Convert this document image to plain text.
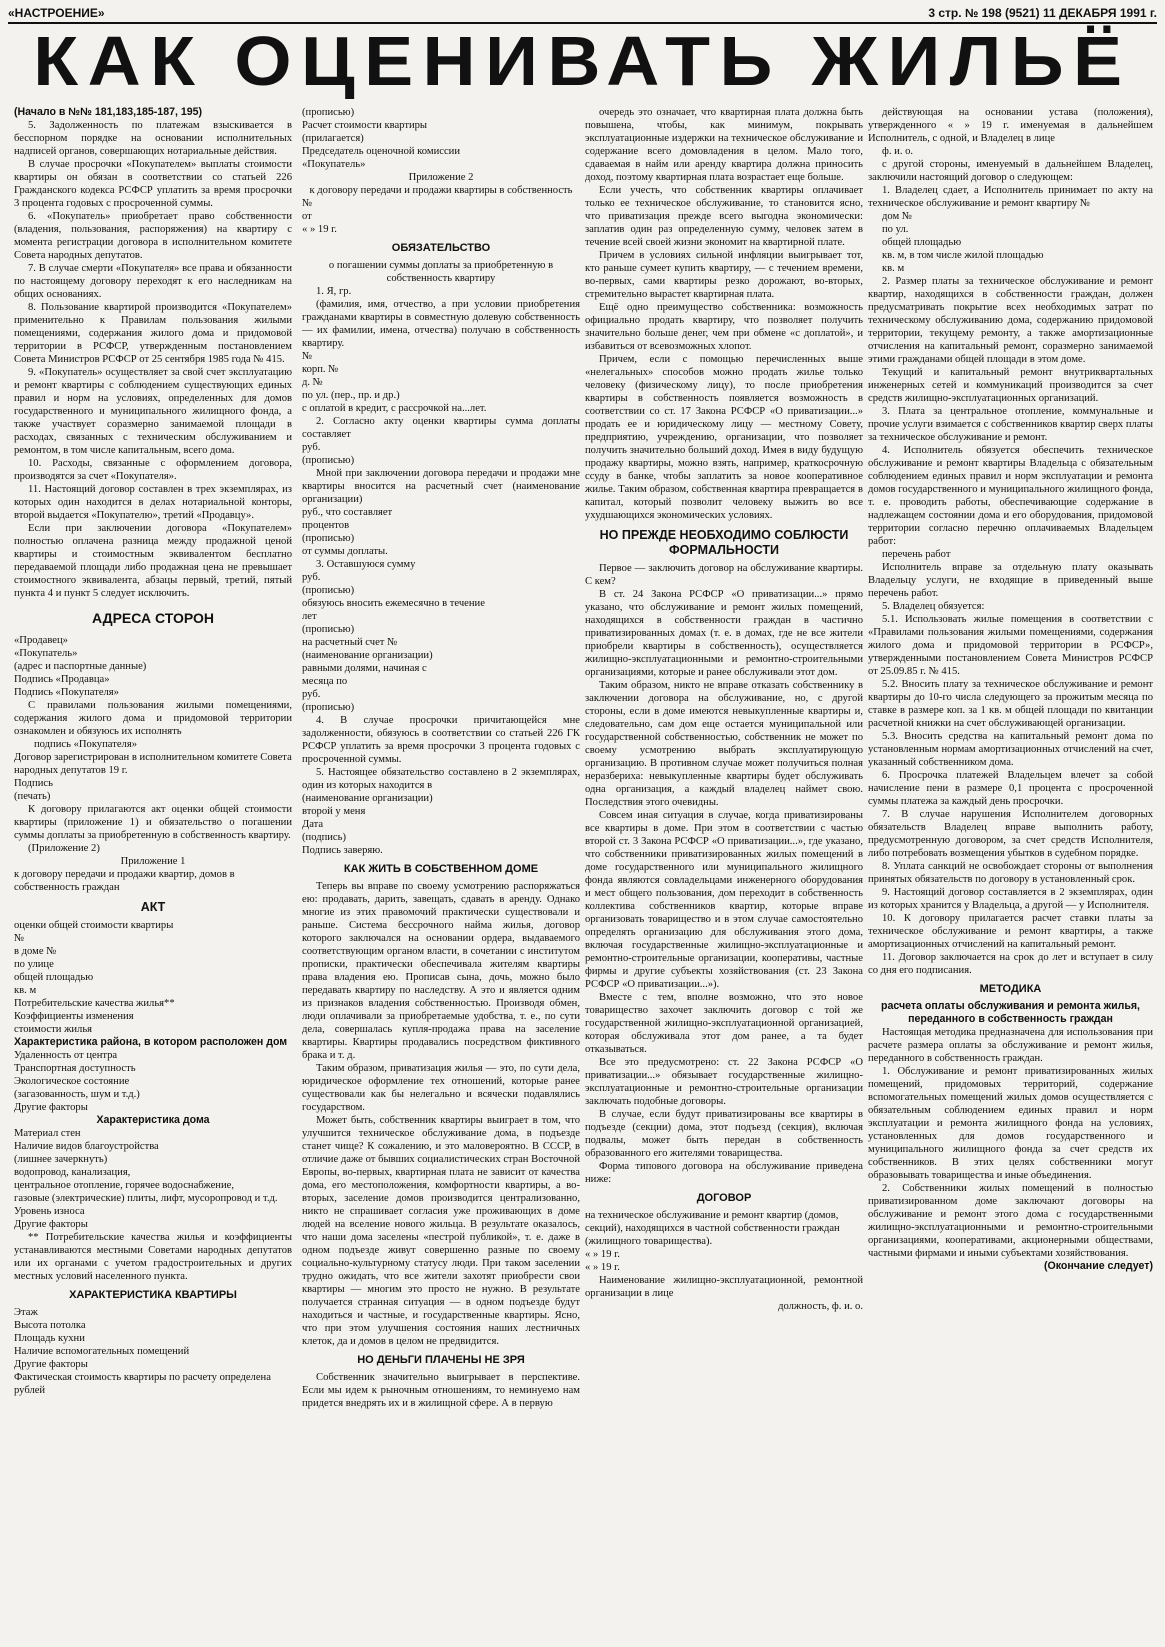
«НАСТРОЕНИЕ»	3 стр. № 198 (9521) 11 ДЕКАБРЯ 1991 г.
КАК ОЦЕНИВАТЬ ЖИЛЬЁ

(Начало в №№ 181,183,185-187, 195)

5. Задолженность по платежам взыскивается в бесспорном порядке на основании исполнительных надписей органов, совершающих нотариальные действия.

В случае просрочки «Покупателем» выплаты стоимости квартиры он обязан в соответствии со статьей 226 Гражданского кодекса РСФСР уплатить за время просрочки 3 процента годовых с просроченной суммы.

6. «Покупатель» приобретает право собственности (владения, пользования, распоряжения) на квартиру с момента регистрации договора в исполнительном комитете Совета народных депутатов.

7. В случае смерти «Покупателя» все права и обязанности по настоящему договору переходят к его наследникам на общих основаниях.

8. Пользование квартирой производится «Покупателем» применительно к Правилам пользования жилыми помещениями, содержания жилого дома и придомовой территории в РСФСР, утвержденным постановлением Совета Министров РСФСР от 25 сентября 1985 года № 415.

9. «Покупатель» осуществляет за свой счет эксплуатацию и ремонт квартиры с соблюдением существующих единых правил и норм на условиях, определенных для домов государственного и муниципального жилищного фонда, а также участвует соразмерно занимаемой площади в расходах, связанных с техническим обслуживанием и ремонтом, в том числе капитальным, всего дома.

10. Расходы, связанные с оформлением договора, производятся за счет «Покупателя».

11. Настоящий договор составлен в трех экземплярах, из которых один находится в делах нотариальной конторы, второй выдается «Покупателю», третий «Продавцу».

Если при заключении договора «Покупателем» полностью оплачена разница между продажной ценой квартиры и стоимостным эквивалентом бесплатно передаваемой площади либо продажная цена не превышает стоимостного эквивалента, абзацы первый, третий, пятый пункта 4 и пункт 5 следует исключить.

АДРЕСА СТОРОН

«Продавец»

«Покупатель»

(адрес и паспортные данные)

Подпись «Продавца»

Подпись «Покупателя»

С правилами пользования жилыми помещениями, содержания жилого дома и придомовой территории ознакомлен и обязуюсь их исполнять

подпись «Покупателя»

Договор зарегистрирован в исполнительном комитете Совета народных депутатов 19 г.

Подпись

(печать)

К договору прилагаются акт оценки общей стоимости квартиры (приложение 1) и обязательство о погашении суммы доплаты за приобретенную в собственность квартиру.

(Приложение 2)

Приложение 1

к договору передачи и продажи квартир, домов в собственность граждан

АКТ

оценки общей стоимости квартиры

№

в доме №

по улице

общей площадью

кв. м

Потребительские качества жилья**

Коэффициенты изменения

стоимости жилья

Характеристика района, в котором расположен дом

Удаленность от центра

Транспортная доступность

Экологическое состояние

(загазованность, шум и т.д.)

Другие факторы

Характеристика дома

Материал стен

Наличие видов благоустройства

(лишнее зачеркнуть)

водопровод, канализация,

центральное отопление, горячее водоснабжение,

газовые (электрические) плиты, лифт, мусоропровод и т.д.

Уровень износа

Другие факторы

** Потребительские качества жилья и коэффициенты устанавливаются местными Советами народных депутатов или их органами с учетом градостроительных и других местных условий населенного пункта.

ХАРАКТЕРИСТИКА КВАРТИРЫ

Этаж

Высота потолка

Площадь кухни

Наличие вспомогательных помещений

Другие факторы

Фактическая стоимость квартиры по расчету определена

рублей

(прописью)

Расчет стоимости квартиры

(прилагается)

Председатель оценочной комиссии

«Покупатель»

Приложение 2

к договору передачи и продажи квартиры в собственность

№

от

« » 19 г.

ОБЯЗАТЕЛЬСТВО

о погашении суммы доплаты за приобретенную в собственность квартиру

1. Я, гр.

(фамилия, имя, отчество, а при условии приобретения гражданами квартиры в совместную долевую собственность — их фамилии, имена, отчества) получаю в собственность квартиру.

№

корп. №

д. №

по ул. (пер., пр. и др.)

с оплатой в кредит, с рассрочкой на...лет.

2. Согласно акту оценки квартиры сумма доплаты составляет

руб.

(прописью)

Мной при заключении договора передачи и продажи мне квартиры вносится на расчетный счет (наименование организации)

руб., что составляет

процентов

(прописью)

от суммы доплаты.

3. Оставшуюся сумму

руб.

(прописью)

обязуюсь вносить ежемесячно в течение

лет

(прописью)

на расчетный счет №

(наименование организации)

равными долями, начиная с

месяца по

руб.

(прописью)

4. В случае просрочки причитающейся мне задолженности, обязуюсь в соответствии со статьей 226 ГК РСФСР уплатить за время просрочки 3 процента годовых с просроченной суммы.

5. Настоящее обязательство составлено в 2 экземплярах, один из которых находится в

(наименование организации)

второй у меня

Дата

(подпись)

Подпись заверяю.

КАК ЖИТЬ В СОБСТВЕННОМ ДОМЕ

Теперь вы вправе по своему усмотрению распоряжаться ею: продавать, дарить, завещать, сдавать в аренду. Однако многие из этих правомочий практически существовали и раньше. Система бессрочного найма жилья, договор которого заключался на основании ордера, выдаваемого соответствующим органом власти, в сочетании с институтом прописки, практически обеспечивала жителям квартиры права владения ею. Прописав сына, дочь, можно было передавать квартиру по наследству. А это и является одним из признаков владения собственностью. Производя обмен, люди оплачивали за приобретаемые удобства, т. е., по сути дела, совершалась купля-продажа права на заселение квартиры. Квартиры продавались посредством фиктивного брака и т. д.

Таким образом, приватизация жилья — это, по сути дела, юридическое оформление тех отношений, которые ранее существовали как бы нелегально и всячески подавлялись государством.

Может быть, собственник квартиры выиграет в том, что улучшится техническое обслуживание дома, в подъезде станет чище? К сожалению, и это маловероятно. В СССР, в отличие даже от бывших социалистических стран Восточной Европы, во-первых, квартирная плата не зависит от качества дома, его местоположения, комфортности квартиры, а во-вторых, заселение домов производится централизованно, никто не спрашивает согласия уже проживающих в доме людей на вселение нового жильца. В результате оказалось, что наши дома заселены «пестрой публикой», т. е. даже в одном подъезде живут совершенно разные по своему социально-культурному статусу люди. При таком заселении трудно ожидать, что все жители захотят приобрести свои квартиры — многим это просто не нужно. В результате получается странная ситуация — в одном подъезде будут находиться и частные, и государственные квартиры. Ясно, что при этом улучшения состояния наших лестничных клеток, да и домов в целом не предвидится.

НО ДЕНЬГИ ПЛАЧЕНЫ НЕ ЗРЯ

Собственник значительно выигрывает в перспективе. Если мы идем к рыночным отношениям, то неминуемо нам придется внедрять их и в жилищной сфере. А в первую

очередь это означает, что квартирная плата должна быть повышена, чтобы, как минимум, покрывать эксплуатационные издержки на техническое обслуживание и содержание всего домовладения в целом. Мало того, сдаваемая в найм или аренду квартира должна приносить доход, поэтому квартирная плата возрастает еще больше.

Если учесть, что собственник квартиры оплачивает только ее техническое обслуживание, то становится ясно, что приватизация прежде всего выгодна экономически: заплатив один раз определенную сумму, человек затем в течение всей своей жизни экономит на квартирной плате.

Причем в условиях сильной инфляции выигрывает тот, кто раньше сумеет купить квартиру, — с течением времени, во-первых, сами квартиры резко дорожают, во-вторых, стремительно вырастет квартирная плата.

Ещё одно преимущество собственника: возможность официально продать квартиру, что позволяет получить значительно больше денег, чем при обмене «с доплатой», и избавиться от всевозможных хлопот.

Причем, если с помощью перечисленных выше «нелегальных» способов можно продать жилье только человеку (физическому лицу), то после приобретения квартиры в собственность появляется возможность в соответствии со ст. 17 Закона РСФСР «О приватизации...» продать ее и юридическому лицу — местному Совету, предприятию, учреждению, организации, что позволяет получить значительно больший доход. Имея в виду будущую продажу квартиры, можно взять, например, краткосрочную ссуду в банке, чтобы заплатить за новое кооперативное жилье. Таким образом, собственная квартира превращается в капитал, который позволит человеку выжить во все ухудшающихся экономических условиях.

НО ПРЕЖДЕ НЕОБХОДИМО СОБЛЮСТИ ФОРМАЛЬНОСТИ

Первое — заключить договор на обслуживание квартиры. С кем?

В ст. 24 Закона РСФСР «О приватизации...» прямо указано, что обслуживание и ремонт жилых помещений, находящихся в собственности граждан в частично приватизированных домах (т. е. в домах, где не все жители приобрели квартиры в собственность), осуществляется жилищно-эксплуатационными и ремонтно-строительными организациями, которые и ранее обслуживали этот дом.

Таким образом, никто не вправе отказать собственнику в заключении договора на обслуживание, но, с другой стороны, если в доме имеются невыкупленные квартиры и, следовательно, сам дом еще остается муниципальной или государственной собственностью, собственник не может по своему усмотрению выбрать эксплуатирующую организацию. В противном случае может получиться полная неразбериха: невыкупленные квартиры будет обслуживать одна организация, а каждый владелец наймет свою. Последствия этого очевидны.

Совсем иная ситуация в случае, когда приватизированы все квартиры в доме. При этом в соответствии с частью второй ст. 3 Закона РСФСР «О приватизации...», где указано, что собственники приватизированных жилых помещений в доме государственного или муниципального жилищного фонда являются совладельцами инженерного оборудования и мест общего пользования, дом переходит в собственность коллектива собственников квартир, которые вправе организовать товарищество и в этом случае самостоятельно определять организацию для обслуживания этого дома, включая государственные жилищно-эксплуатационные и ремонтно-строительные организации, кооперативы, частные фирмы и другие субъекты хозяйствования (ст. 23 Закона РСФСР «О приватизации...»).

Вместе с тем, вполне возможно, что это новое товарищество захочет заключить договор с той же государственной жилищно-эксплуатационной организацией, которая обслуживала этот дом ранее, а та будет отказываться.

Все это предусмотрено: ст. 22 Закона РСФСР «О приватизации...» обязывает государственные жилищно-эксплуатационные и ремонтно-строительные организации заключать подобные договоры.

В случае, если будут приватизированы все квартиры в подъезде (секции) дома, этот подъезд (секция), включая подвалы, может быть передан в собственность образованного его жителями товарищества.

Форма типового договора на обслуживание приведена ниже:

ДОГОВОР

на техническое обслуживание и ремонт квартир (домов, секций), находящихся в частной собственности граждан (жилищного товарищества).

« » 19 г.

« » 19 г.

Наименование жилищно-эксплуатационной, ремонтной организации в лице

должность, ф. и. о.

действующая на основании устава (положения), утвержденного « » 19 г. именуемая в дальнейшем Исполнитель, с одной, и Владелец в лице

ф. и. о.

с другой стороны, именуемый в дальнейшем Владелец, заключили настоящий договор о следующем:

1. Владелец сдает, а Исполнитель принимает по акту на техническое обслуживание и ремонт квартиру №

дом №

по ул.

общей площадью

кв. м, в том числе жилой площадью

кв. м

2. Размер платы за техническое обслуживание и ремонт квартир, находящихся в собственности граждан, должен предусматривать покрытие всех необходимых затрат по техническому обслуживанию дома, содержанию придомовой территории, текущему ремонту, а также амортизационные отчисления на капитальный ремонт, соразмерно занимаемой этими гражданами общей площади в этом доме.

Текущий и капитальный ремонт внутриквартальных инженерных сетей и коммуникаций производится за счет средств жилищно-эксплуатационных организаций.

3. Плата за центральное отопление, коммунальные и прочие услуги взимается с собственников квартир сверх платы за техническое обслуживание и ремонт.

4. Исполнитель обязуется обеспечить техническое обслуживание и ремонт квартиры Владельца с обязательным соблюдением единых правил и норм эксплуатации и ремонта домов государственного и муниципального жилищного фонда, т. е. проводить работы, обеспечивающие содержание в надлежащем состоянии дома и его оборудования, придомовой территории согласно перечню оплачиваемых Владельцем работ:

перечень работ

Исполнитель вправе за отдельную плату оказывать Владельцу услуги, не входящие в приведенный выше перечень работ.

5. Владелец обязуется:

5.1. Использовать жилые помещения в соответствии с «Правилами пользования жилыми помещениями, содержания жилого дома и придомовой территории в РСФСР», утвержденными постановлением Совета Министров РСФСР от 25.09.85 г. № 415.

5.2. Вносить плату за техническое обслуживание и ремонт квартиры до 10-го числа следующего за прожитым месяца по ставке в размере коп. за 1 кв. м общей площади по квитанции расчетной книжки на счет обслуживающей организации.

5.3. Вносить средства на капитальный ремонт дома по установленным нормам амортизационных отчислений на счет, указанный собственником дома.

6. Просрочка платежей Владельцем влечет за собой начисление пени в размере 0,1 процента с просроченной суммы платежа за каждый день просрочки.

7. В случае нарушения Исполнителем договорных обязательств Владелец вправе выполнить работу, предусмотренную договором, за счет средств Исполнителя, либо потребовать возмещения убытков в судебном порядке.

8. Уплата санкций не освобождает стороны от выполнения принятых обязательств по договору в установленный срок.

9. Настоящий договор составляется в 2 экземплярах, один из которых хранится у Владельца, а другой — у Исполнителя.

10. К договору прилагается расчет ставки платы за техническое обслуживание и ремонт квартиры, а также амортизационных отчислений на капитальный ремонт.

11. Договор заключается на срок до лет и вступает в силу со дня его подписания.

МЕТОДИКА

расчета оплаты обслуживания и ремонта жилья, переданного в собственность граждан

Настоящая методика предназначена для использования при расчете размера оплаты за обслуживание и ремонт жилья, переданного в собственность граждан.

1. Обслуживание и ремонт приватизированных жилых помещений, придомовых территорий, содержание вспомогательных помещений жилых домов осуществляется с обязательным соблюдением единых правил и норм эксплуатации и ремонта жилищного фонда на условиях, установленных для домов государственного и муниципального жилищного фонда за счет средств их собственников. В этих целях собственники могут образовывать товарищества и иные объединения.

2. Собственники жилых помещений в полностью приватизированном доме заключают договоры на обслуживание и ремонт этого дома с государственными жилищно-эксплуатационными и ремонтно-строительными организациями, кооперативами, акционерными обществами, частными фирмами и иными субъектами хозяйствования.

(Окончание следует)
